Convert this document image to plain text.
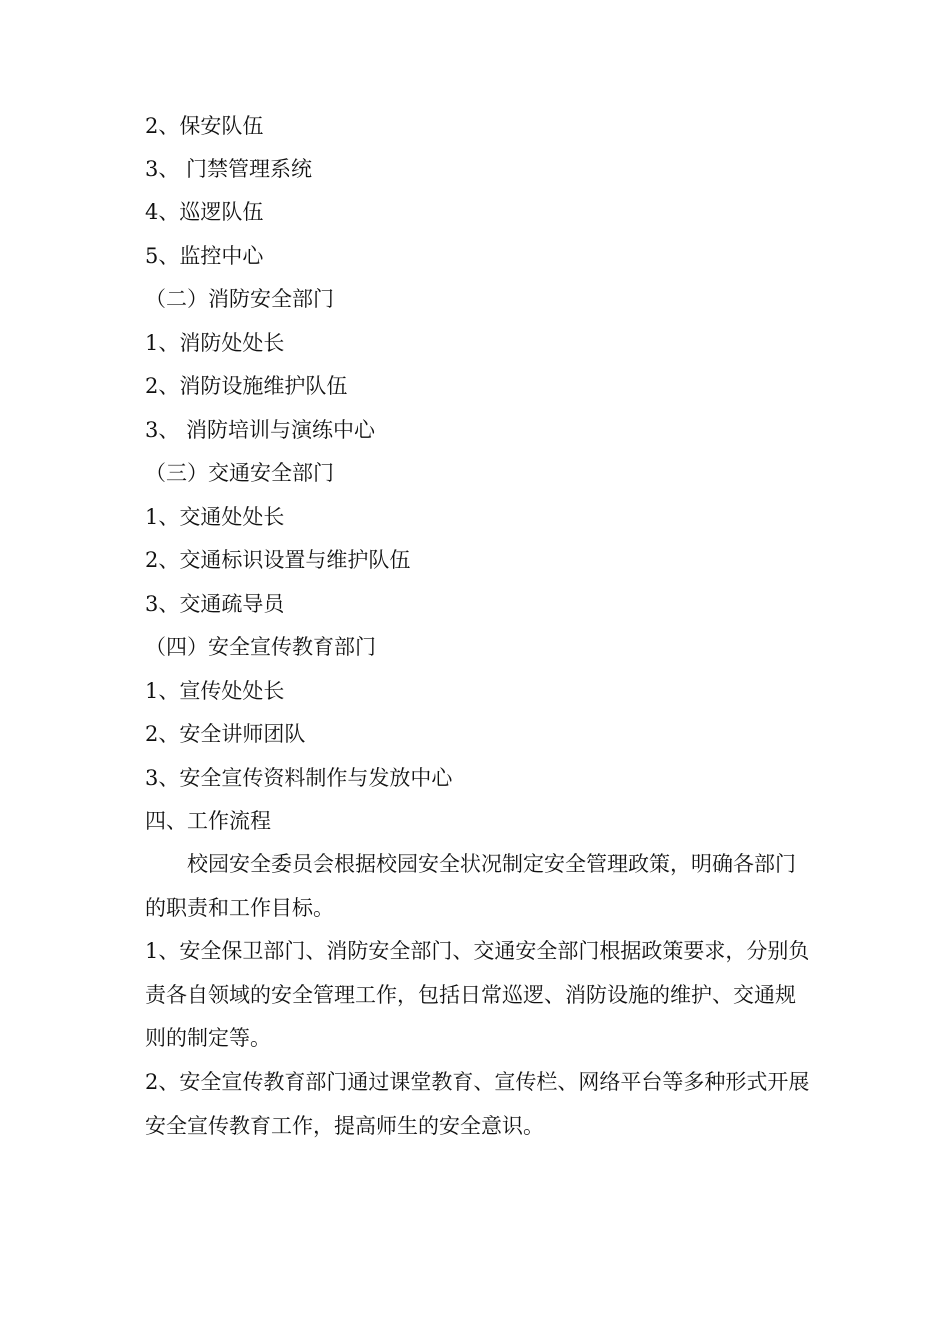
2、保安队伍
3、 门禁管理系统
4、巡逻队伍
5、监控中心
（二）消防安全部门
1、消防处处长
2、消防设施维护队伍
3、 消防培训与演练中心
（三）交通安全部门
1、交通处处长
2、交通标识设置与维护队伍
3、交通疏导员
（四）安全宣传教育部门
1、宣传处处长
2、安全讲师团队
3、安全宣传资料制作与发放中心
四、工作流程
校园安全委员会根据校园安全状况制定安全管理政策，明确各部门的职责和工作目标。
1、安全保卫部门、消防安全部门、交通安全部门根据政策要求，分别负责各自领域的安全管理工作，包括日常巡逻、消防设施的维护、交通规则的制定等。
2、安全宣传教育部门通过课堂教育、宣传栏、网络平台等多种形式开展安全宣传教育工作，提高师生的安全意识。
